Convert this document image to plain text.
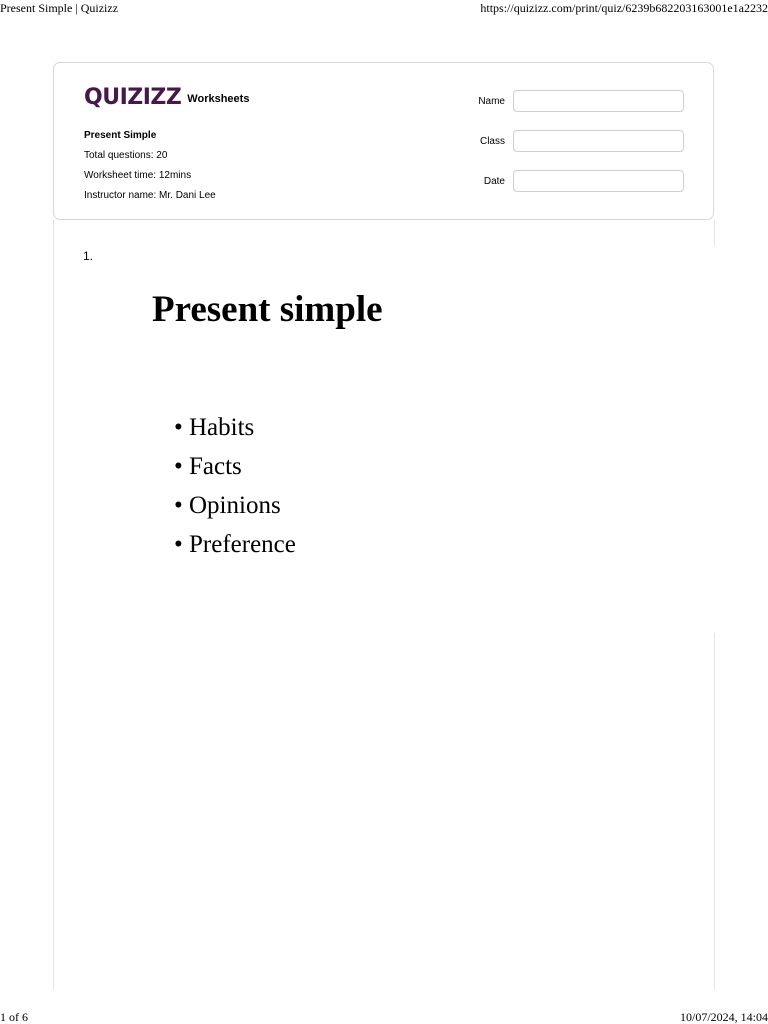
Present Simple | Quizizz	https://quizizz.com/print/quiz/6239b682203163001e1a2232
QUIZIZZ Worksheets
Present Simple
Total questions: 20
Worksheet time: 12mins
Instructor name: Mr. Dani Lee
Name
Class
Date
1.
Present simple
• Habits
• Facts
• Opinions
• Preference
1 of 6	10/07/2024, 14:04
